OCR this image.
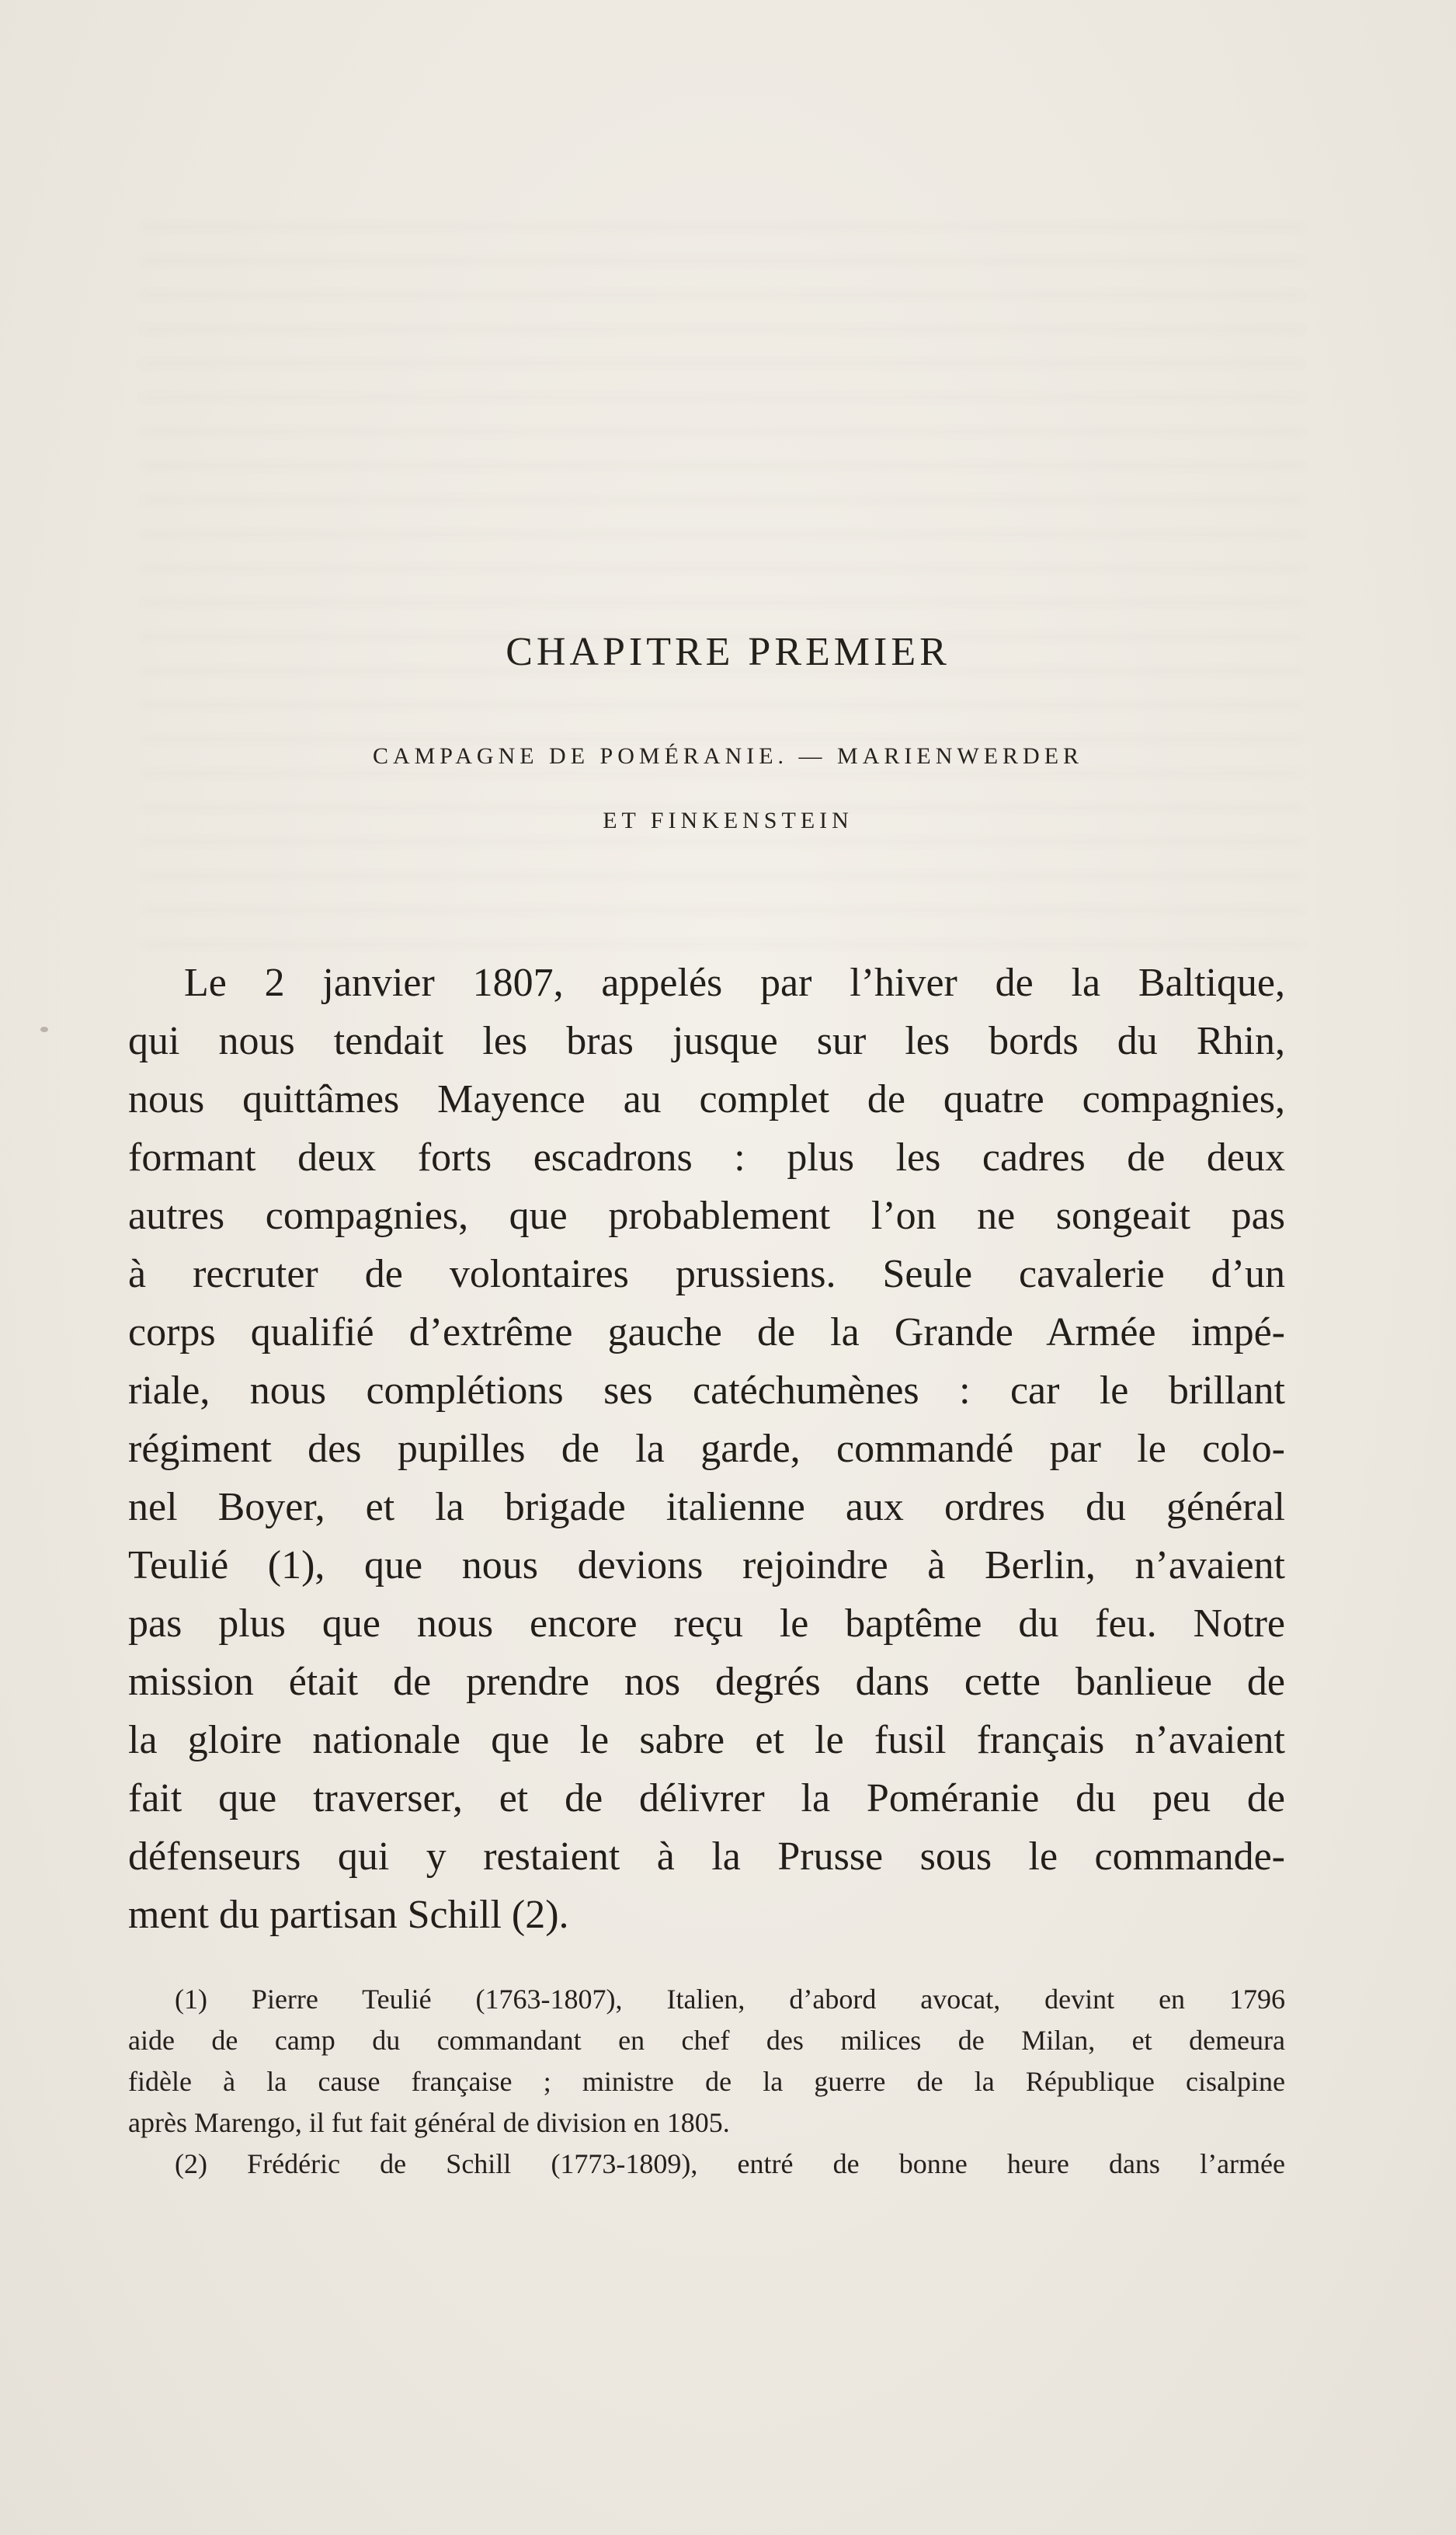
CHAPITRE PREMIER
CAMPAGNE DE POMÉRANIE. — MARIENWERDER
ET FINKENSTEIN
Le 2 janvier 1807, appelés par l’hiver de la Baltique,
qui nous tendait les bras jusque sur les bords du Rhin,
nous quittâmes Mayence au complet de quatre compagnies,
formant deux forts escadrons : plus les cadres de deux
autres compagnies, que probablement l’on ne songeait pas
à recruter de volontaires prussiens. Seule cavalerie d’un
corps qualifié d’extrême gauche de la Grande Armée impé-
riale, nous complétions ses catéchumènes : car le brillant
régiment des pupilles de la garde, commandé par le colo-
nel Boyer, et la brigade italienne aux ordres du général
Teulié (1), que nous devions rejoindre à Berlin, n’avaient
pas plus que nous encore reçu le baptême du feu. Notre
mission était de prendre nos degrés dans cette banlieue de
la gloire nationale que le sabre et le fusil français n’avaient
fait que traverser, et de délivrer la Poméranie du peu de
défenseurs qui y restaient à la Prusse sous le commande-
ment du partisan Schill (2).
(1) Pierre Teulié (1763-1807), Italien, d’abord avocat, devint en 1796
aide de camp du commandant en chef des milices de Milan, et demeura
fidèle à la cause française ; ministre de la guerre de la République cisalpine
après Marengo, il fut fait général de division en 1805.
(2) Frédéric de Schill (1773-1809), entré de bonne heure dans l’armée
